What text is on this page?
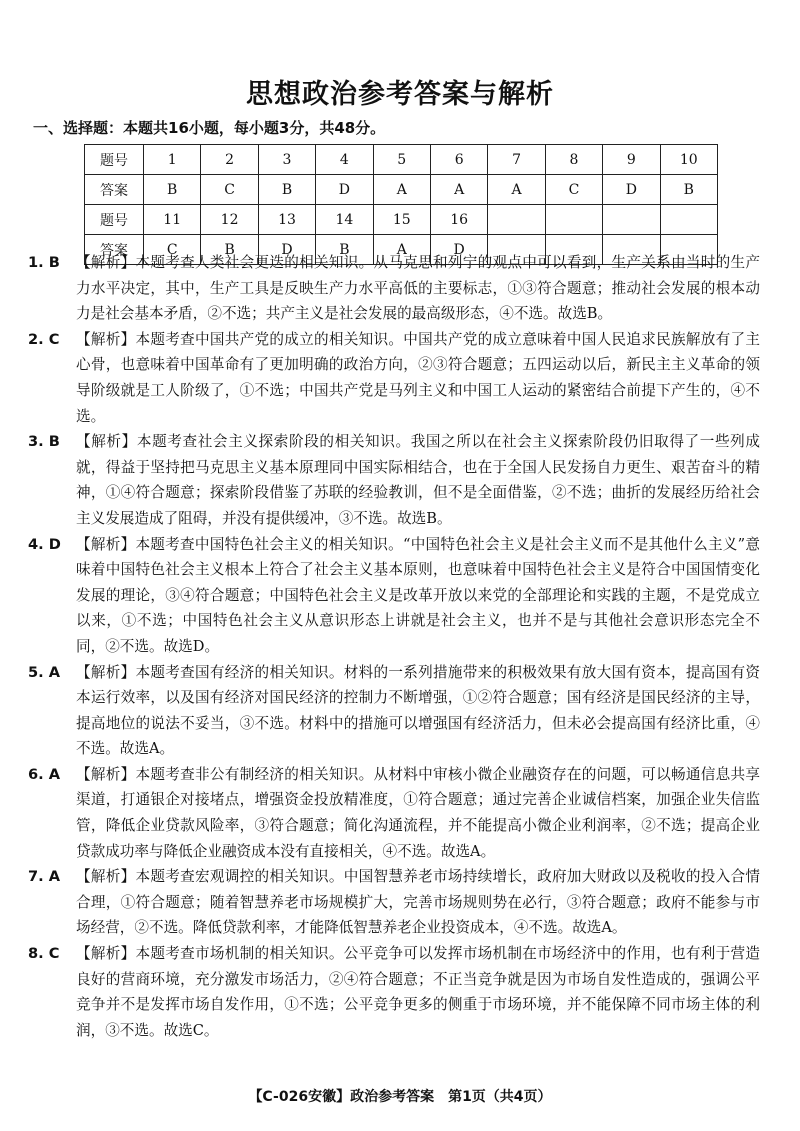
思想政治参考答案与解析
一、选择题：本题共16小题，每小题3分，共48分。
题号	1	2	3	4	5	6	7	8	9	10
答案	B	C	B	D	A	A	A	C	D	B
题号	11	12	13	14	15	16				
答案	C	B	D	B	A	D				
1. B	【解析】本题考查人类社会更迭的相关知识。从马克思和列宁的观点中可以看到，生产关系由当时的生产力水平决定，其中，生产工具是反映生产力水平高低的主要标志，①③符合题意；推动社会发展的根本动力是社会基本矛盾，②不选；共产主义是社会发展的最高级形态，④不选。故选B。
2. C	【解析】本题考查中国共产党的成立的相关知识。中国共产党的成立意味着中国人民追求民族解放有了主心骨，也意味着中国革命有了更加明确的政治方向，②③符合题意；五四运动以后，新民主主义革命的领导阶级就是工人阶级了，①不选；中国共产党是马列主义和中国工人运动的紧密结合前提下产生的，④不选。
3. B	【解析】本题考查社会主义探索阶段的相关知识。我国之所以在社会主义探索阶段仍旧取得了一些列成就，得益于坚持把马克思主义基本原理同中国实际相结合，也在于全国人民发扬自力更生、艰苦奋斗的精神，①④符合题意；探索阶段借鉴了苏联的经验教训，但不是全面借鉴，②不选；曲折的发展经历给社会主义发展造成了阻碍，并没有提供缓冲，③不选。故选B。
4. D	【解析】本题考查中国特色社会主义的相关知识。“中国特色社会主义是社会主义而不是其他什么主义”意味着中国特色社会主义根本上符合了社会主义基本原则，也意味着中国特色社会主义是符合中国国情变化发展的理论，③④符合题意；中国特色社会主义是改革开放以来党的全部理论和实践的主题，不是党成立以来，①不选；中国特色社会主义从意识形态上讲就是社会主义，也并不是与其他社会意识形态完全不同，②不选。故选D。
5. A	【解析】本题考查国有经济的相关知识。材料的一系列措施带来的积极效果有放大国有资本，提高国有资本运行效率，以及国有经济对国民经济的控制力不断增强，①②符合题意；国有经济是国民经济的主导，提高地位的说法不妥当，③不选。材料中的措施可以增强国有经济活力，但未必会提高国有经济比重，④不选。故选A。
6. A	【解析】本题考查非公有制经济的相关知识。从材料中审核小微企业融资存在的问题，可以畅通信息共享渠道，打通银企对接堵点，增强资金投放精准度，①符合题意；通过完善企业诚信档案，加强企业失信监管，降低企业贷款风险率，③符合题意；简化沟通流程，并不能提高小微企业利润率，②不选；提高企业贷款成功率与降低企业融资成本没有直接相关，④不选。故选A。
7. A	【解析】本题考查宏观调控的相关知识。中国智慧养老市场持续增长，政府加大财政以及税收的投入合情合理，①符合题意；随着智慧养老市场规模扩大，完善市场规则势在必行，③符合题意；政府不能参与市场经营，②不选。降低贷款利率，才能降低智慧养老企业投资成本，④不选。故选A。
8. C	【解析】本题考查市场机制的相关知识。公平竞争可以发挥市场机制在市场经济中的作用，也有利于营造良好的营商环境，充分激发市场活力，②④符合题意；不正当竞争就是因为市场自发性造成的，强调公平竞争并不是发挥市场自发作用，①不选；公平竞争更多的侧重于市场环境，并不能保障不同市场主体的利润，③不选。故选C。
【C-026安徽】政治参考答案　第1页（共4页）
